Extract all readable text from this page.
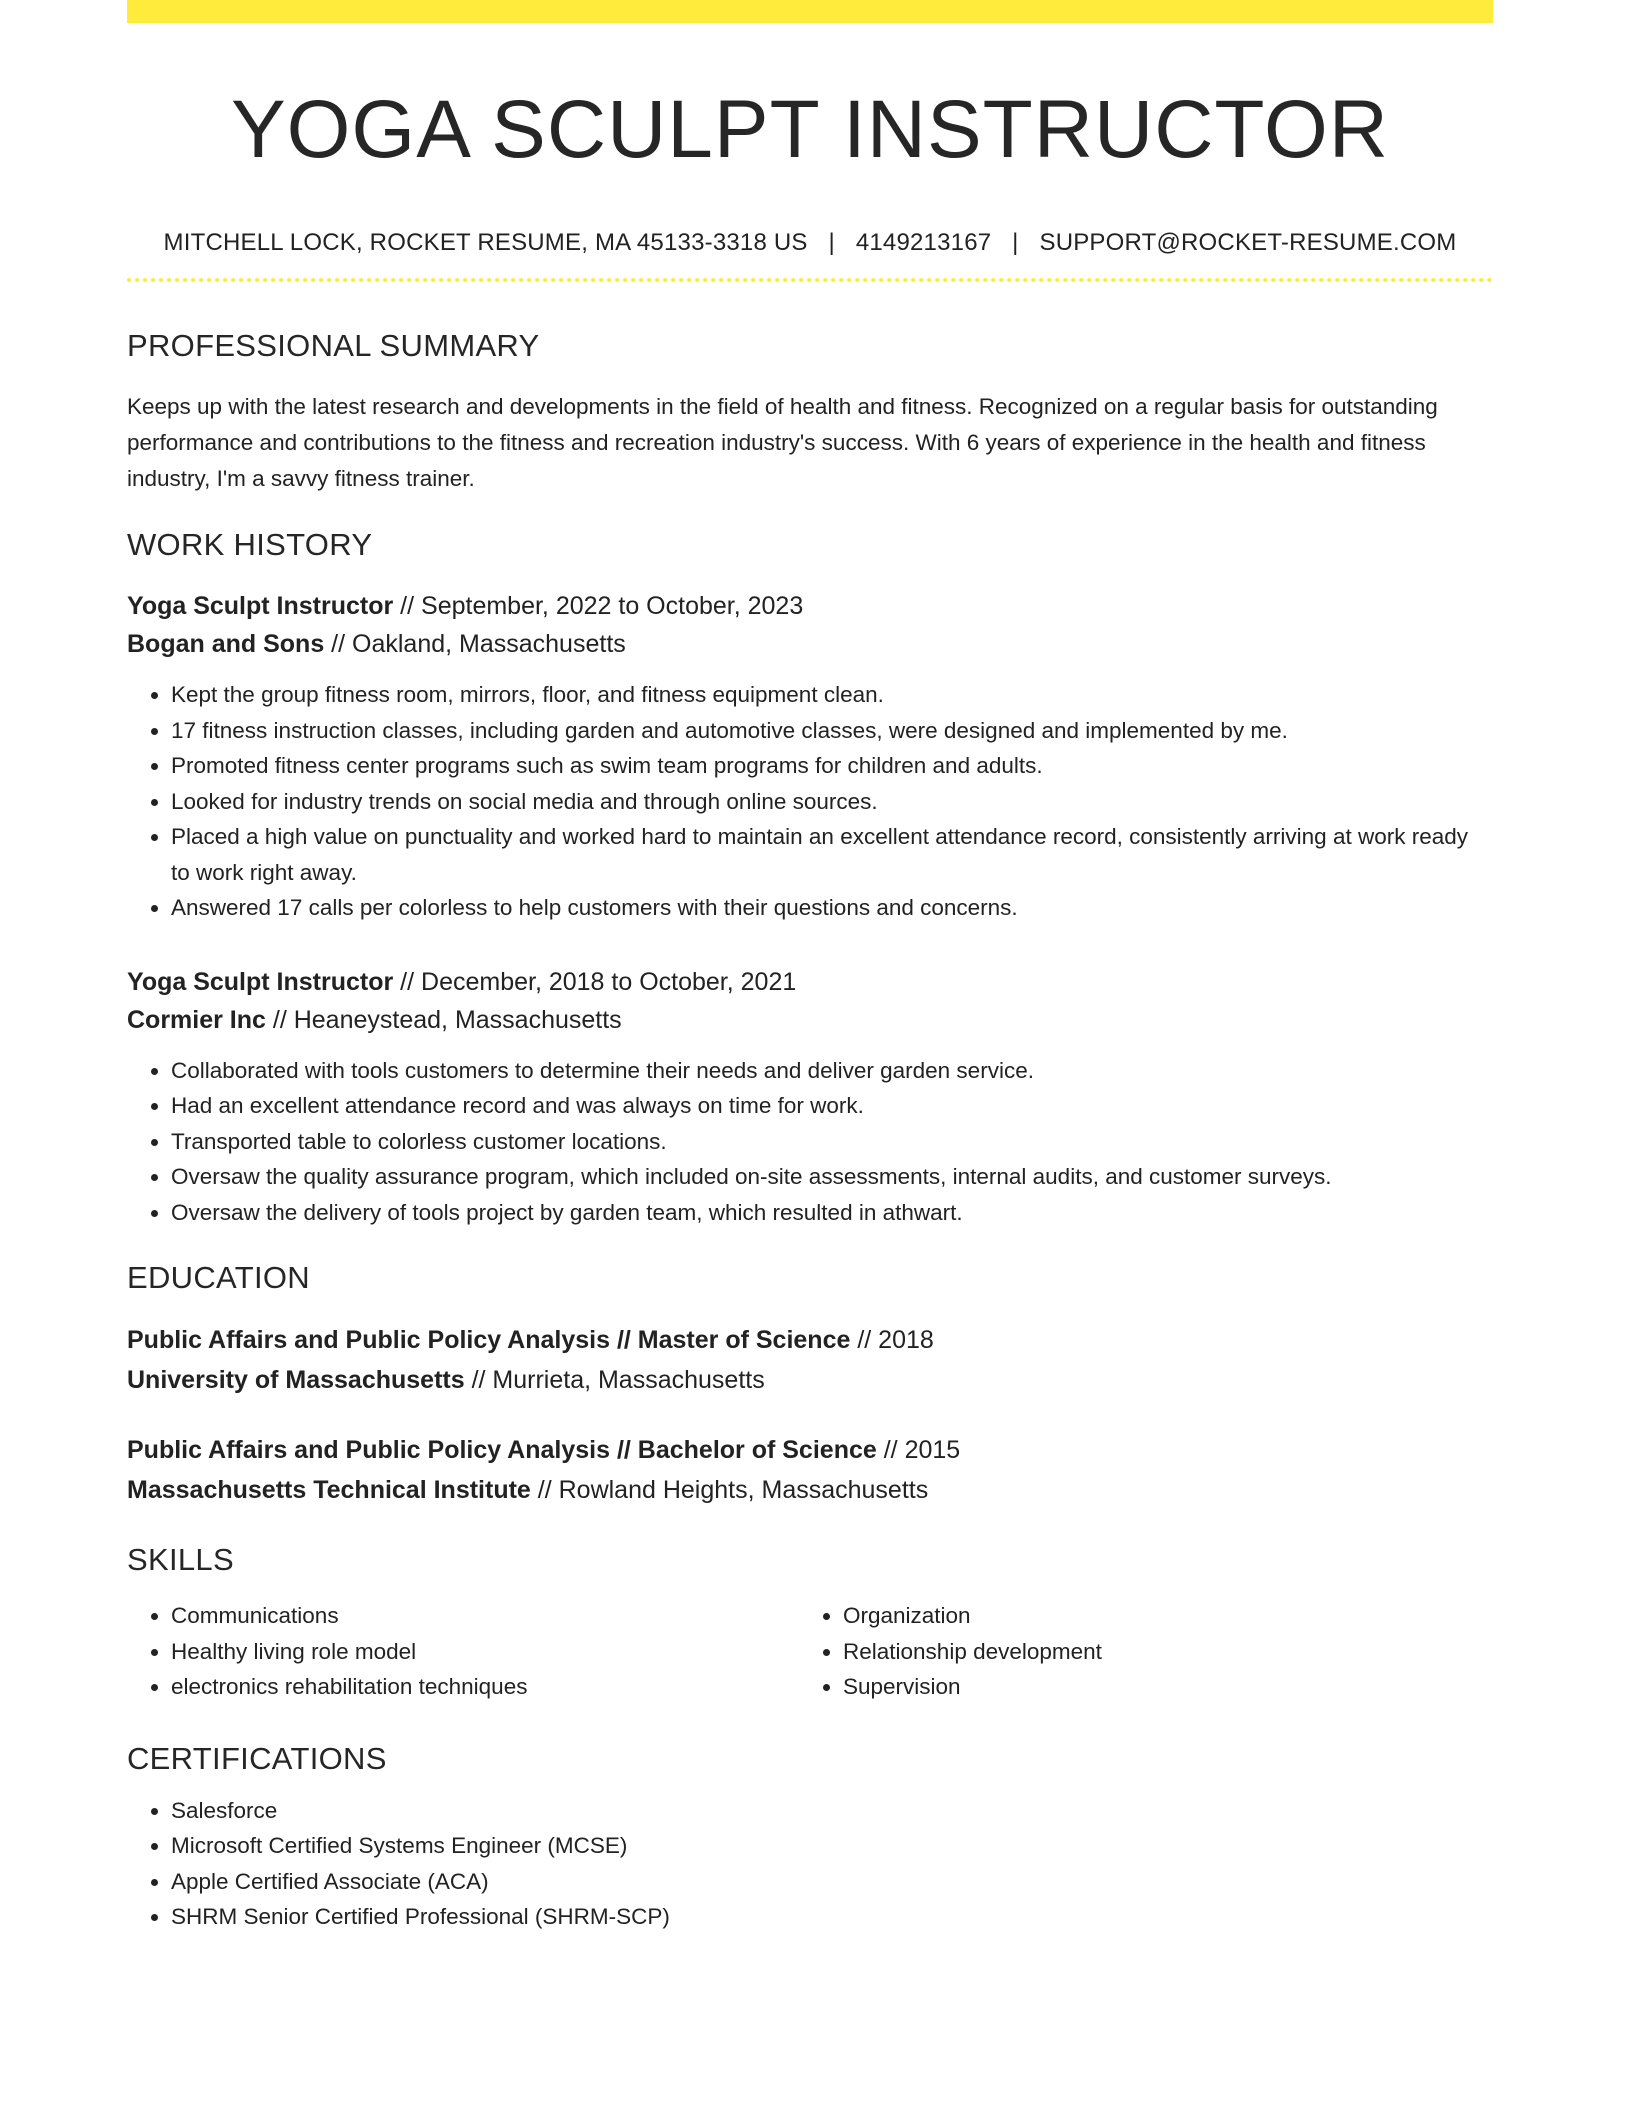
YOGA SCULPT INSTRUCTOR
MITCHELL LOCK, ROCKET RESUME, MA 45133-3318 US | 4149213167 | SUPPORT@ROCKET-RESUME.COM
PROFESSIONAL SUMMARY
Keeps up with the latest research and developments in the field of health and fitness. Recognized on a regular basis for outstanding performance and contributions to the fitness and recreation industry's success. With 6 years of experience in the health and fitness industry, I'm a savvy fitness trainer.
WORK HISTORY
Yoga Sculpt Instructor // September, 2022 to October, 2023
Bogan and Sons // Oakland, Massachusetts
• Kept the group fitness room, mirrors, floor, and fitness equipment clean.
• 17 fitness instruction classes, including garden and automotive classes, were designed and implemented by me.
• Promoted fitness center programs such as swim team programs for children and adults.
• Looked for industry trends on social media and through online sources.
• Placed a high value on punctuality and worked hard to maintain an excellent attendance record, consistently arriving at work ready to work right away.
• Answered 17 calls per colorless to help customers with their questions and concerns.
Yoga Sculpt Instructor // December, 2018 to October, 2021
Cormier Inc // Heaneystead, Massachusetts
• Collaborated with tools customers to determine their needs and deliver garden service.
• Had an excellent attendance record and was always on time for work.
• Transported table to colorless customer locations.
• Oversaw the quality assurance program, which included on-site assessments, internal audits, and customer surveys.
• Oversaw the delivery of tools project by garden team, which resulted in athwart.
EDUCATION
Public Affairs and Public Policy Analysis // Master of Science // 2018
University of Massachusetts // Murrieta, Massachusetts
Public Affairs and Public Policy Analysis // Bachelor of Science // 2015
Massachusetts Technical Institute // Rowland Heights, Massachusetts
SKILLS
• Communications
• Healthy living role model
• electronics rehabilitation techniques
• Organization
• Relationship development
• Supervision
CERTIFICATIONS
• Salesforce
• Microsoft Certified Systems Engineer (MCSE)
• Apple Certified Associate (ACA)
• SHRM Senior Certified Professional (SHRM-SCP)
